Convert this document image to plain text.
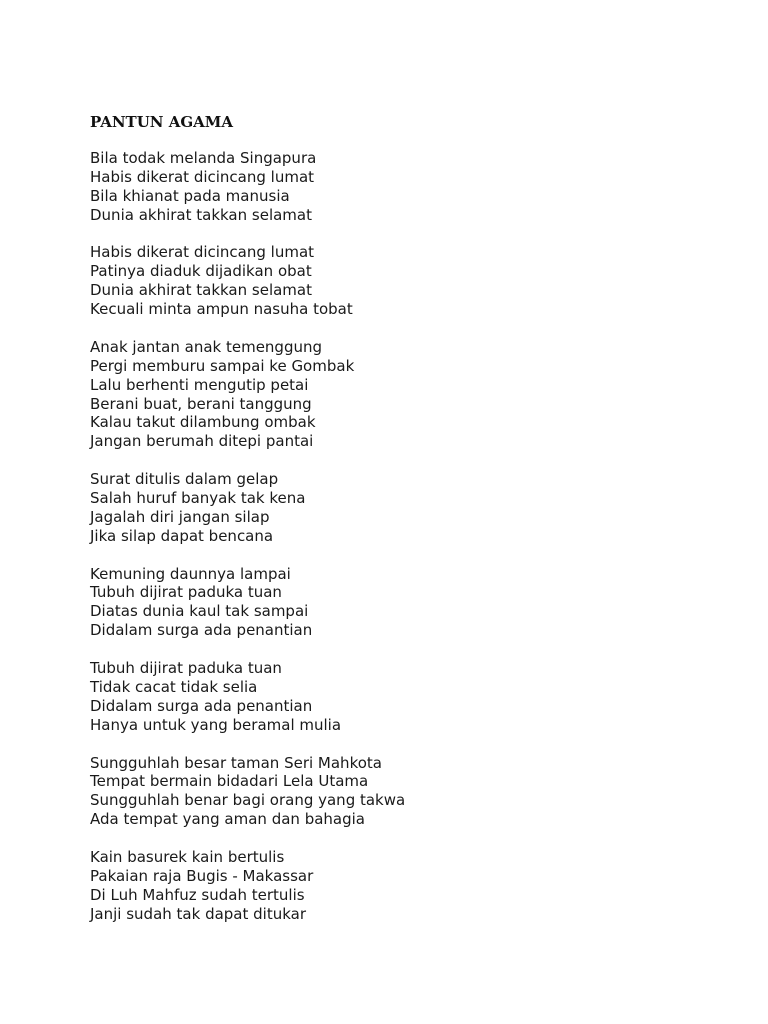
PANTUN AGAMA
Bila todak melanda Singapura
Habis dikerat dicincang lumat
Bila khianat pada manusia
Dunia akhirat takkan selamat
Habis dikerat dicincang lumat
Patinya diaduk dijadikan obat
Dunia akhirat takkan selamat
Kecuali minta ampun nasuha tobat
Anak jantan anak temenggung
Pergi memburu sampai ke Gombak
Lalu berhenti mengutip petai
Berani buat, berani tanggung
Kalau takut dilambung ombak
Jangan berumah ditepi pantai
Surat ditulis dalam gelap
Salah huruf banyak tak kena
Jagalah diri jangan silap
Jika silap dapat bencana
Kemuning daunnya lampai
Tubuh dijirat paduka tuan
Diatas dunia kaul tak sampai
Didalam surga ada penantian
Tubuh dijirat paduka tuan
Tidak cacat tidak selia
Didalam surga ada penantian
Hanya untuk yang beramal mulia
Sungguhlah besar taman Seri Mahkota
Tempat bermain bidadari Lela Utama
Sungguhlah benar bagi orang yang takwa
Ada tempat yang aman dan bahagia
Kain basurek kain bertulis
Pakaian raja Bugis - Makassar
Di Luh Mahfuz sudah tertulis
Janji sudah tak dapat ditukar
